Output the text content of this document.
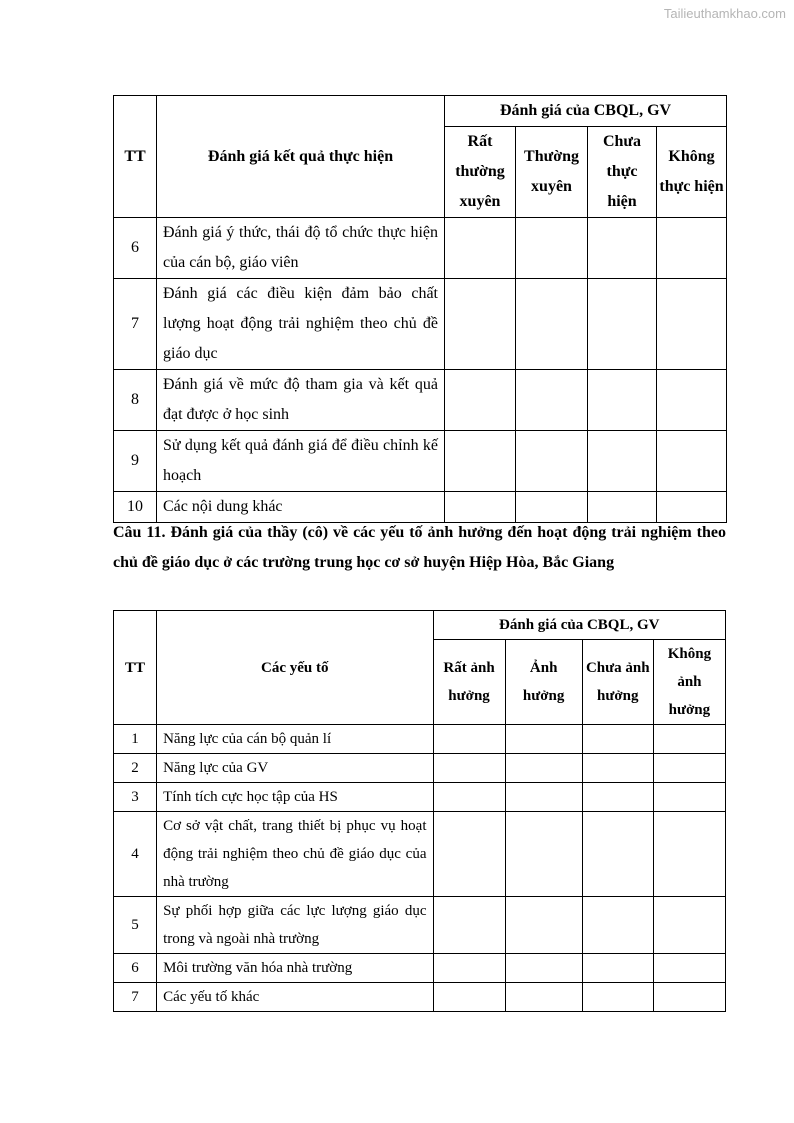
Tailieuthamkhao.com
TT	Đánh giá kết quả thực hiện	Đánh giá của CBQL, GV			
		Rất thường xuyên	Thường xuyên	Chưa thực hiện	Không thực hiện
6	Đánh giá ý thức, thái độ tổ chức thực hiện của cán bộ, giáo viên				
7	Đánh giá các điều kiện đảm bảo chất lượng hoạt động trải nghiệm theo chủ đề giáo dục				
8	Đánh giá về mức độ tham gia và kết quả đạt được ở học sinh				
9	Sử dụng kết quả đánh giá để điều chỉnh kế hoạch				
10	Các nội dung khác				
Câu 11. Đánh giá của thầy (cô) về các yếu tố ảnh hưởng đến hoạt động trải nghiệm theo chủ đề giáo dục ở các trường trung học cơ sở huyện Hiệp Hòa, Bắc Giang
TT	Các yếu tố	Đánh giá của CBQL, GV			
		Rất ảnh hưởng	Ảnh hưởng	Chưa ảnh hưởng	Không ảnh hưởng
1	Năng lực của cán bộ quản lí				
2	Năng lực của GV				
3	Tính tích cực học tập của HS				
4	Cơ sở vật chất, trang thiết bị phục vụ hoạt động trải nghiệm theo chủ đề giáo dục của nhà trường				
5	Sự phối hợp giữa các lực lượng giáo dục trong và ngoài nhà trường				
6	Môi trường văn hóa nhà trường				
7	Các yếu tố khác				
